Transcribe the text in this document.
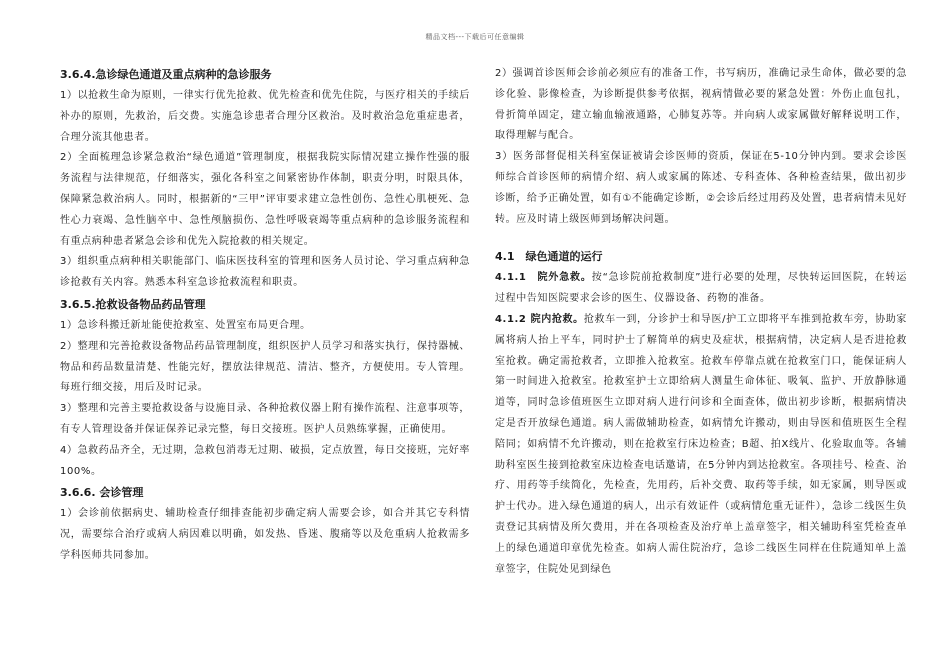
精品文档---下载后可任意编辑

3.6.4.急诊绿色通道及重点病种的急诊服务

1）以抢救生命为原则，一律实行优先抢救、优先检查和优先住院，与医疗相关的手续后补办的原则，先救治，后交费。实施急诊患者合理分区救治。及时救治急危重症患者，合理分流其他患者。

2）全面梳理急诊紧急救治“绿色通道”管理制度，根据我院实际情况建立操作性强的服务流程与法律规范，仔细落实，强化各科室之间紧密协作体制，职责分明，时限具体，保障紧急救治病人。同时，根据新的“三甲”评审要求建立急性创伤、急性心肌梗死、急性心力衰竭、急性脑卒中、急性颅脑损伤、急性呼吸衰竭等重点病种的急诊服务流程和有重点病种患者紧急会诊和优先入院抢救的相关规定。

3）组织重点病种相关职能部门、临床医技科室的管理和医务人员讨论、学习重点病种急诊抢救有关内容。熟悉本科室急诊抢救流程和职责。

3.6.5.抢救设备物品药品管理

1）急诊科搬迁新址能使抢救室、处置室布局更合理。

2）整理和完善抢救设备物品药品管理制度，组织医护人员学习和落实执行，保持器械、物品和药品数量清楚、性能完好，摆放法律规范、清洁、整齐，方便使用。专人管理。每班行细交接，用后及时记录。

3）整理和完善主要抢救设备与设施目录、各种抢救仪器上附有操作流程、注意事项等，有专人管理设备并保证保养记录完整，每日交接班。医护人员熟练掌握，正确使用。

4）急救药品齐全，无过期，急救包消毒无过期、破损，定点放置，每日交接班，完好率100%。

3.6.6. 会诊管理

1）会诊前依据病史、辅助检查仔细排查能初步确定病人需要会诊，如合并其它专科情况，需要综合治疗或病人病因难以明确，如发热、昏迷、腹痛等以及危重病人抢救需多学科医师共同参加。

2）强调首诊医师会诊前必须应有的准备工作，书写病历，准确记录生命体，做必要的急诊化验、影像检查，为诊断提供参考依据，视病情做必要的紧急处置：外伤止血包扎，骨折简单固定，建立输血输液通路，心肺复苏等。并向病人或家属做好解释说明工作，取得理解与配合。

3）医务部督促相关科室保证被请会诊医师的资质，保证在5-10分钟内到。要求会诊医师综合首诊医师的病情介绍、病人或家属的陈述、专科查体、各种检查结果，做出初步诊断，给予正确处置，如有①不能确定诊断，②会诊后经过用药及处置，患者病情未见好转。应及时请上级医师到场解决问题。

4.1　绿色通道的运行

4.1.1　院外急救。按“急诊院前抢救制度”进行必要的处理，尽快转运回医院，在转运过程中告知医院要求会诊的医生、仪器设备、药物的准备。

4.1.2 院内抢救。抢救车一到，分诊护士和导医/护工立即将平车推到抢救车旁，协助家属将病人抬上平车，同时护士了解简单的病史及症状，根据病情，决定病人是否进抢救室抢救。确定需抢救者，立即推入抢救室。抢救车停靠点就在抢救室门口，能保证病人第一时间进入抢救室。抢救室护士立即给病人测量生命体征、吸氧、监护、开放静脉通道等，同时急诊值班医生立即对病人进行问诊和全面查体，做出初步诊断，根据病情决定是否开放绿色通道。病人需做辅助检查，如病情允许搬动，则由导医和值班医生全程陪同；如病情不允许搬动，则在抢救室行床边检查；B超、拍X线片、化验取血等。各辅助科室医生接到抢救室床边检查电话邀请，在5分钟内到达抢救室。各项挂号、检查、治疗、用药等手续简化，先检查，先用药，后补交费、取药等手续，如无家属，则导医或护士代办。进入绿色通道的病人，出示有效证件（或病情危重无证件），急诊二线医生负责登记其病情及所欠费用，并在各项检查及治疗单上盖章签字，相关辅助科室凭检查单上的绿色通道印章优先检查。如病人需住院治疗，急诊二线医生同样在住院通知单上盖章签字，住院处见到绿色
